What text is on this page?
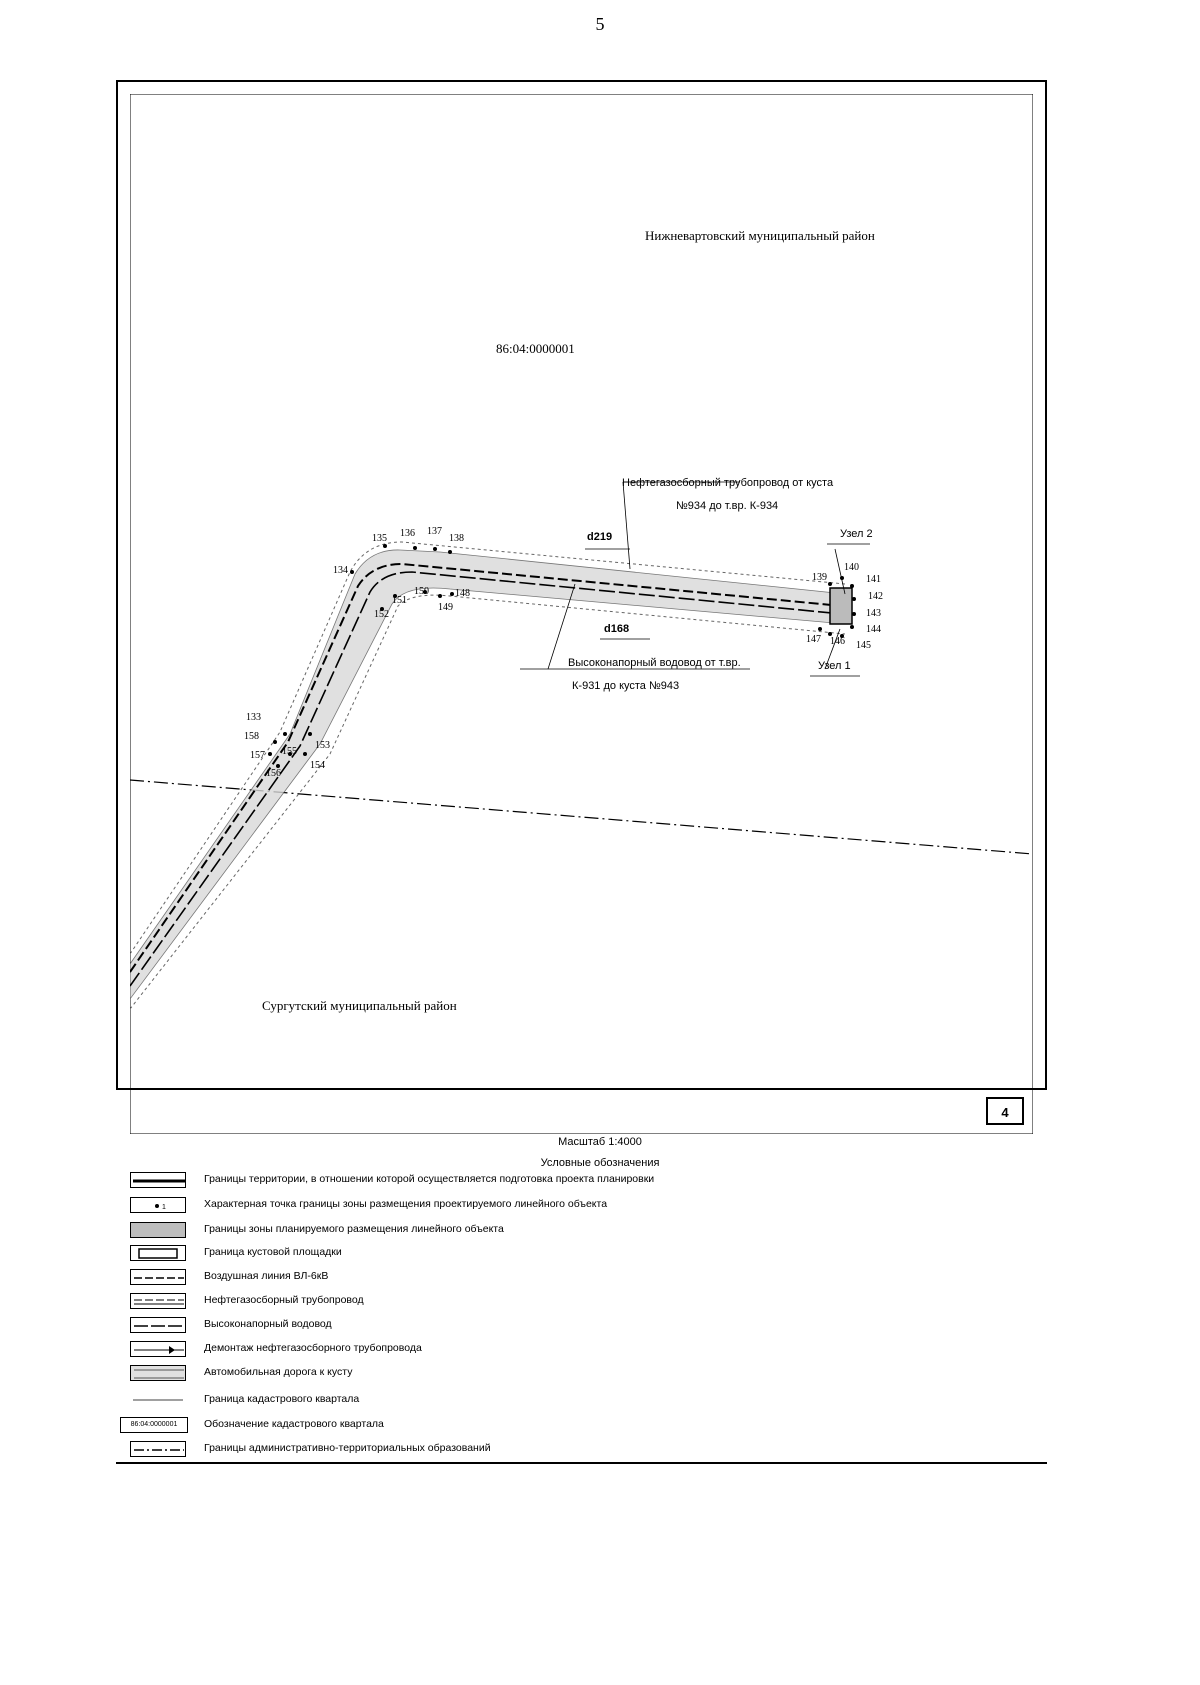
5
Нижневартовский муниципальный район
86:04:0000001
Сургутский муниципальный район
Нефтегазосборный трубопровод от куста
№934 до т.вр. К-934
Высоконапорный водовод от т.вр.
К-931 до куста №943
d219
d168
Узел 2
Узел 1
133
134
135 136 137
138
139
140
141
142
143
144
145
146
147
148
149
150
151
152
153
154
155
156
157
158
4
Масштаб 1:4000
Условные обозначения
Границы территории, в отношении которой осуществляется подготовка проекта планировки
1	Характерная точка границы зоны размещения проектируемого линейного объекта
Границы зоны планируемого размещения линейного объекта
Граница кустовой площадки
Воздушная линия ВЛ-6кВ
Нефтегазосборный трубопровод
Высоконапорный водовод
Демонтаж нефтегазосборного трубопровода
Автомобильная дорога к кусту
Граница кадастрового квартала
86:04:0000001	Обозначение кадастрового квартала
Границы административно-территориальных образований
